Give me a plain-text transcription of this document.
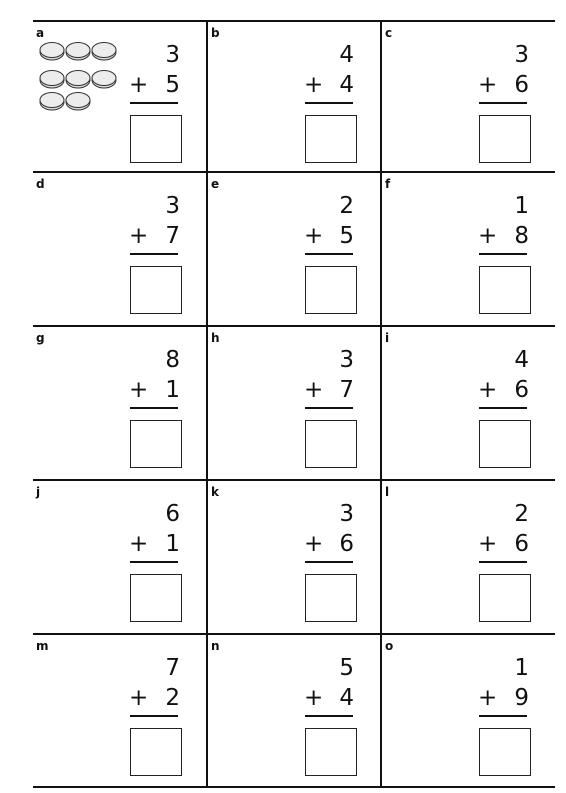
a
3
+ 5
b
4
+ 4
c
3
+ 6
d
3
+ 7
e
2
+ 5
f
1
+ 8
g
8
+ 1
h
3
+ 7
i
4
+ 6
j
6
+ 1
k
3
+ 6
l
2
+ 6
m
7
+ 2
n
5
+ 4
o
1
+ 9
